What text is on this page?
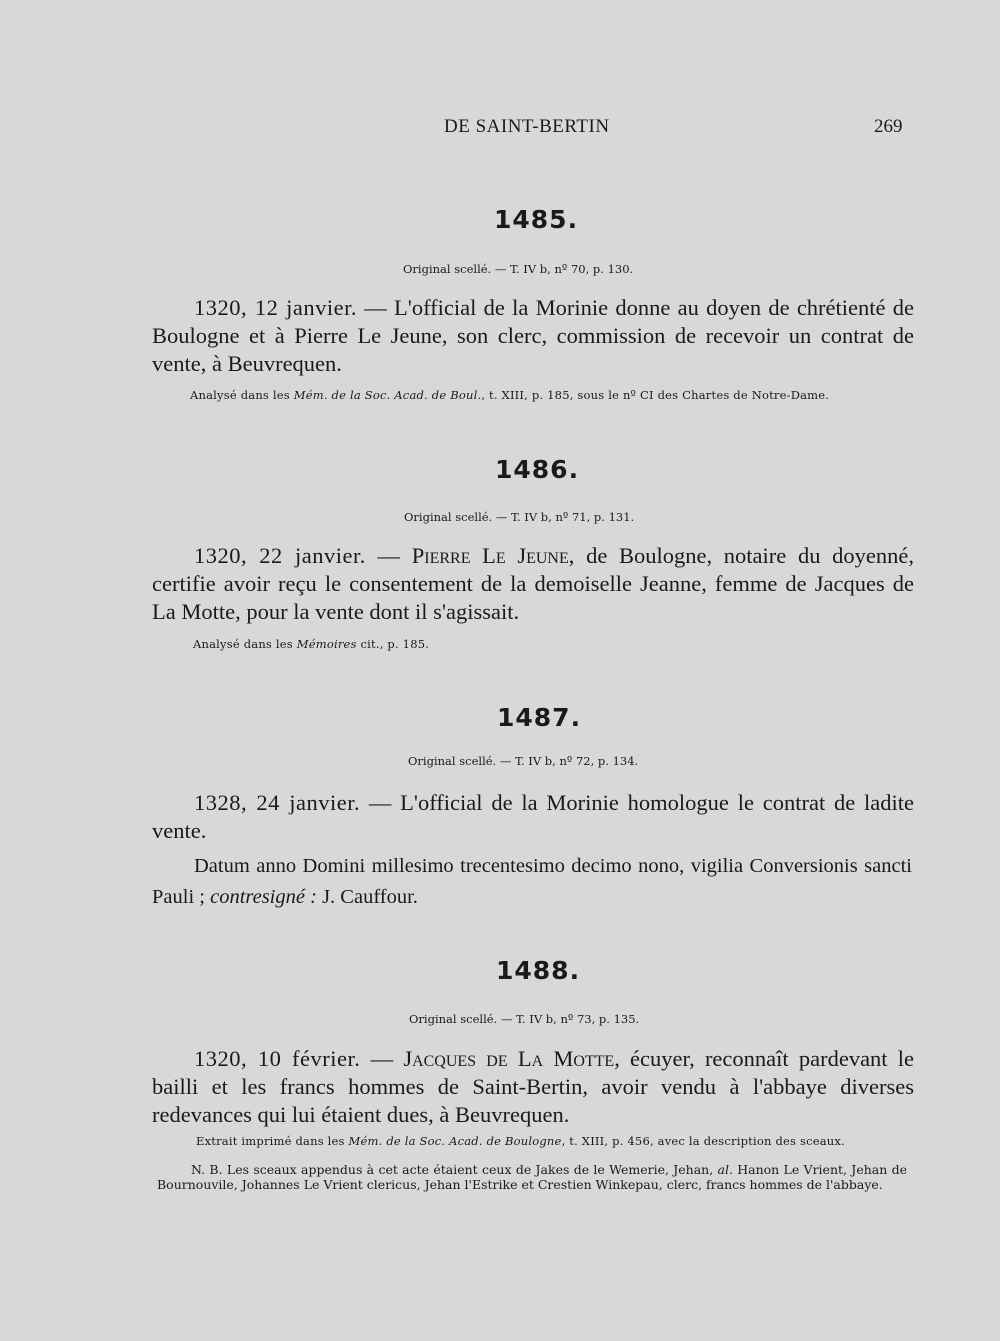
DE SAINT-BERTIN	269
1485.
Original scellé. — T. IV b, nº 70, p. 130.
1320, 12 janvier. — L'official de la Morinie donne au doyen de chrétienté de Boulogne et à Pierre Le Jeune, son clerc, commission de recevoir un contrat de vente, à Beuvrequen.
Analysé dans les Mém. de la Soc. Acad. de Boul., t. XIII, p. 185, sous le nº CI des Chartes de Notre-Dame.
1486.
Original scellé. — T. IV b, nº 71, p. 131.
1320, 22 janvier. — Pierre Le Jeune, de Boulogne, notaire du doyenné, certifie avoir reçu le consentement de la demoiselle Jeanne, femme de Jacques de La Motte, pour la vente dont il s'agissait.
Analysé dans les Mémoires cit., p. 185.
1487.
Original scellé. — T. IV b, nº 72, p. 134.
1328, 24 janvier. — L'official de la Morinie homologue le contrat de ladite vente.
Datum anno Domini millesimo trecentesimo decimo nono, vigilia Conversionis sancti Pauli ; contresigné : J. Cauffour.
1488.
Original scellé. — T. IV b, nº 73, p. 135.
1320, 10 février. — Jacques de La Motte, écuyer, reconnaît pardevant le bailli et les francs hommes de Saint-Bertin, avoir vendu à l'abbaye diverses redevances qui lui étaient dues, à Beuvrequen.
Extrait imprimé dans les Mém. de la Soc. Acad. de Boulogne, t. XIII, p. 456, avec la description des sceaux.
N. B. Les sceaux appendus à cet acte étaient ceux de Jakes de le Wemerie, Jehan, al. Hanon Le Vrient, Jehan de Bournouvile, Johannes Le Vrient clericus, Jehan l'Estrike et Crestien Winkepau, clerc, francs hommes de l'abbaye.
